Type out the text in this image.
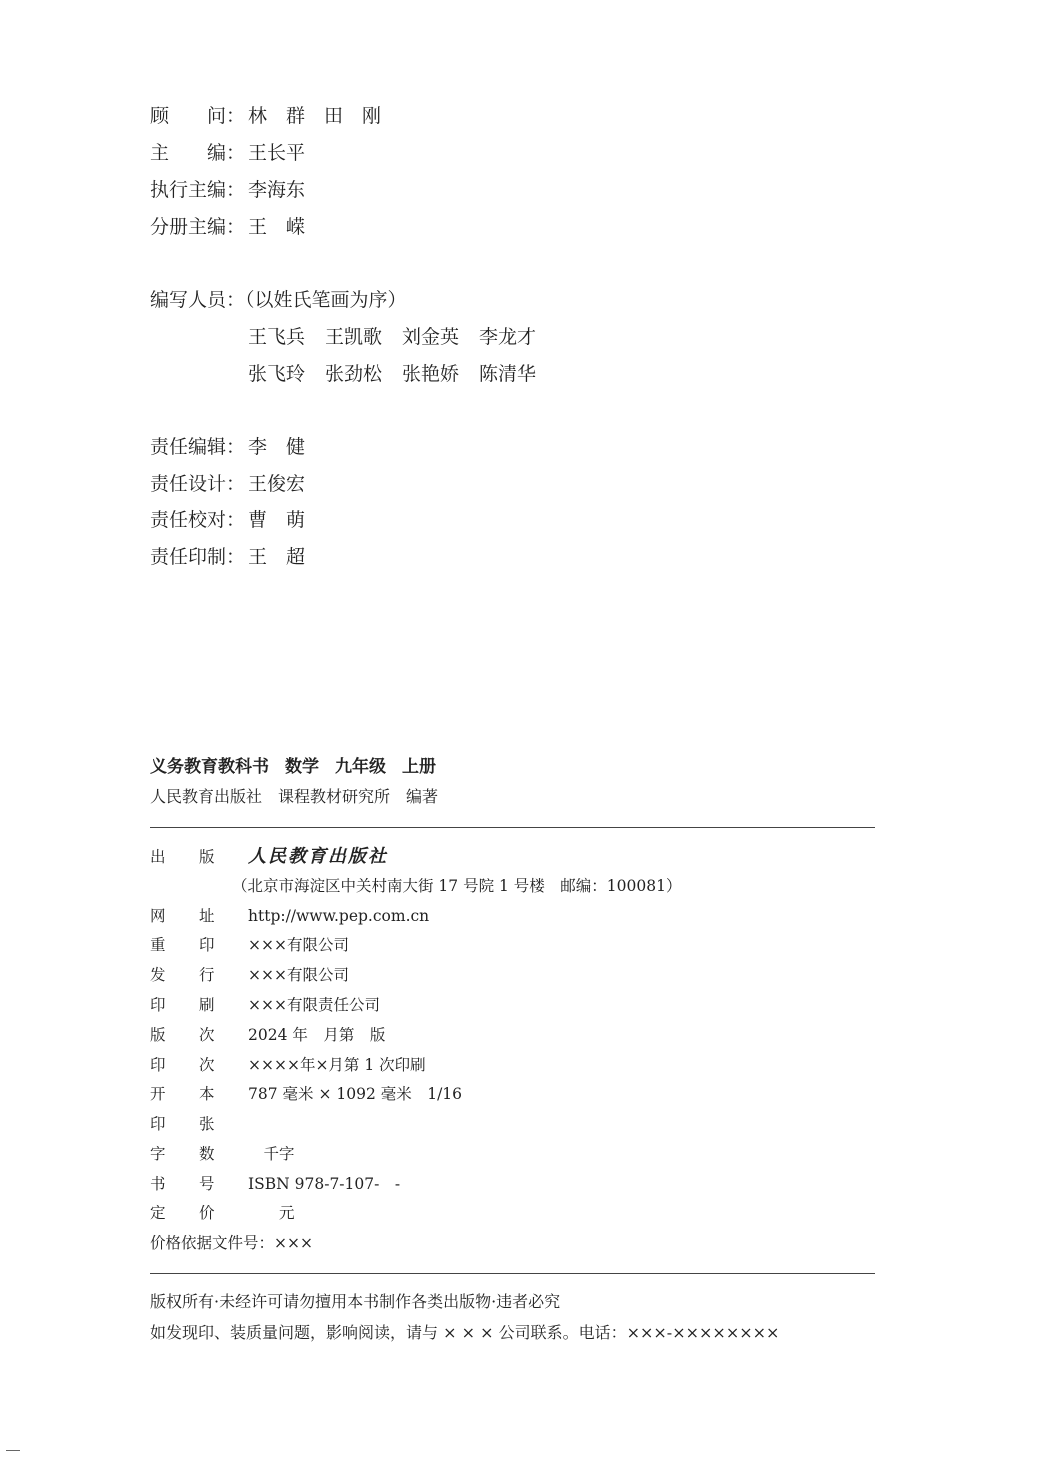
顾　　问： 林　群　田　刚
主　　编： 王长平
执行主编： 李海东
分册主编： 王　嵘
编写人员：（以姓氏笔画为序）
王飞兵 王凯歌 刘金英 李龙才
张飞玲 张劲松 张艳娇 陈清华
责任编辑： 李　健
责任设计： 王俊宏
责任校对： 曹　萌
责任印制： 王　超
义务教育教科书 数学 九年级 上册
人民教育出版社 课程教材研究所 编著
出 版 人民教育出版社
（北京市海淀区中关村南大街 17 号院 1 号楼　邮编：100081）
网 址 http://www.pep.com.cn
重 印 ×××有限公司
发 行 ×××有限公司
印 刷 ×××有限责任公司
版 次 2024 年　月第　版
印 次 ××××年×月第 1 次印刷
开 本 787 毫米 × 1092 毫米　1/16
印 张
字 数　千字
书 号 ISBN 978-7-107-　-
定 价　　元
价格依据文件号：×××
版权所有·未经许可请勿擅用本书制作各类出版物·违者必究
如发现印、装质量问题，影响阅读，请与 × × × 公司联系。电话：×××-××××××××
